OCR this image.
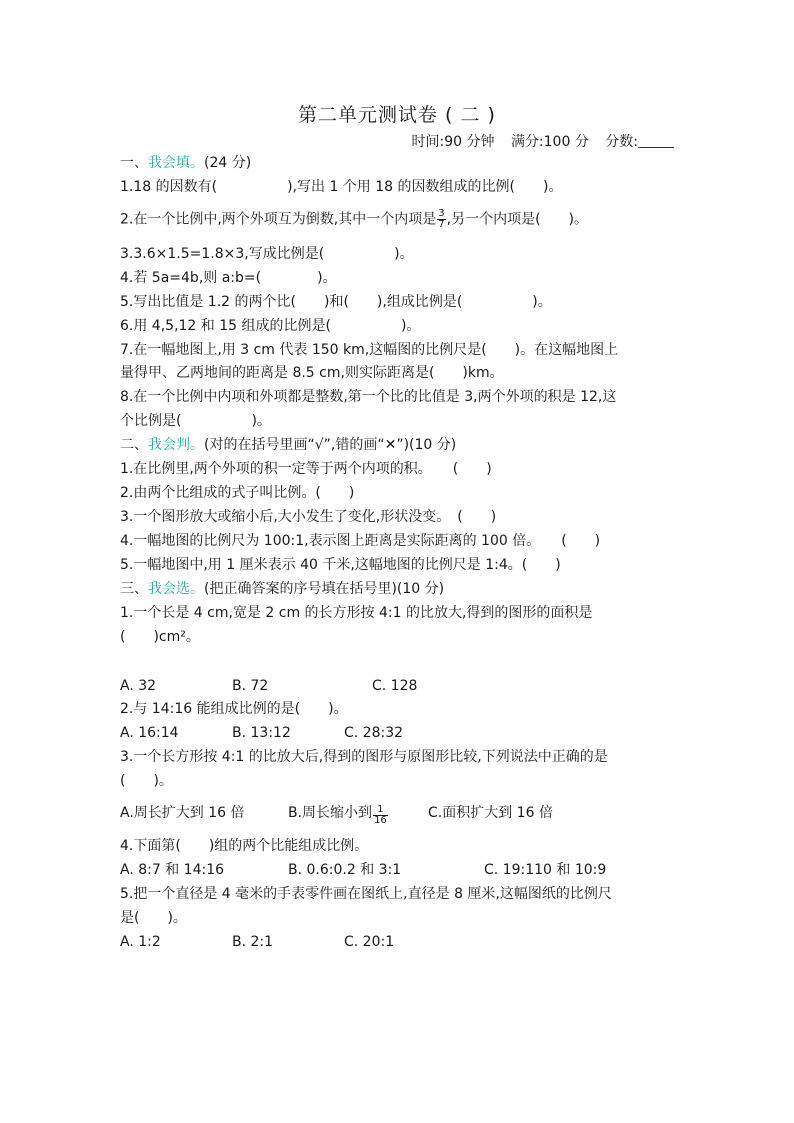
第二单元测试卷 ( 二 )
时间:90 分钟 满分:100 分 分数:
一、我会填。(24 分)
1.18 的因数有(　　　　　),写出 1 个用 18 的因数组成的比例(　　)。
2.在一个比例中,两个外项互为倒数,其中一个内项是 $\frac{3}{7}$ ,另一个内项是(　　)。
3.3.6×1.5=1.8×3,写成比例是(　　　　　)。
4.若 5a=4b,则 a:b=(　　　　)。
5.写出比值是 1.2 的两个比(　　)和(　　),组成比例是(　　　　　)。
6.用 4,5,12 和 15 组成的比例是(　　　　　)。
7.在一幅地图上,用 3 cm 代表 150 km,这幅图的比例尺是(　　)。在这幅地图上
量得甲、乙两地间的距离是 8.5 cm,则实际距离是(　　)km。
8.在一个比例中内项和外项都是整数,第一个比的比值是 3,两个外项的积是 12,这
个比例是(　　　　　)。
二、我会判。(对的在括号里画“√”,错的画“✕”)(10 分)
1.在比例里,两个外项的积一定等于两个内项的积。　　(　　)
2.由两个比组成的式子叫比例。(　　)
3.一个图形放大或缩小后,大小发生了变化,形状没变。　(　　)
4.一幅地图的比例尺为 100:1,表示图上距离是实际距离的 100 倍。　　(　　)
5.一幅地图中,用 1 厘米表示 40 千米,这幅地图的比例尺是 1:4。(　　)
三、我会选。(把正确答案的序号填在括号里)(10 分)
1.一个长是 4 cm,宽是 2 cm 的长方形按 4:1 的比放大,得到的图形的面积是
(　　)cm²。
A. 32	B. 72	C. 128
2.与 14:16 能组成比例的是(　　)。
A. 16:14	B. 13:12	C. 28:32
3.一个长方形按 4:1 的比放大后,得到的图形与原图形比较,下列说法中正确的是
(　　)。
A.周长扩大到 16 倍	B.周长缩小到 $\frac{1}{16}$	C.面积扩大到 16 倍
4.下面第(　　)组的两个比能组成比例。
A. 8:7 和 14:16	B. 0.6:0.2 和 3:1	C. 19:110 和 10:9
5.把一个直径是 4 毫米的手表零件画在图纸上,直径是 8 厘米,这幅图纸的比例尺
是(　　)。
A. 1:2	B. 2:1	C. 20:1
